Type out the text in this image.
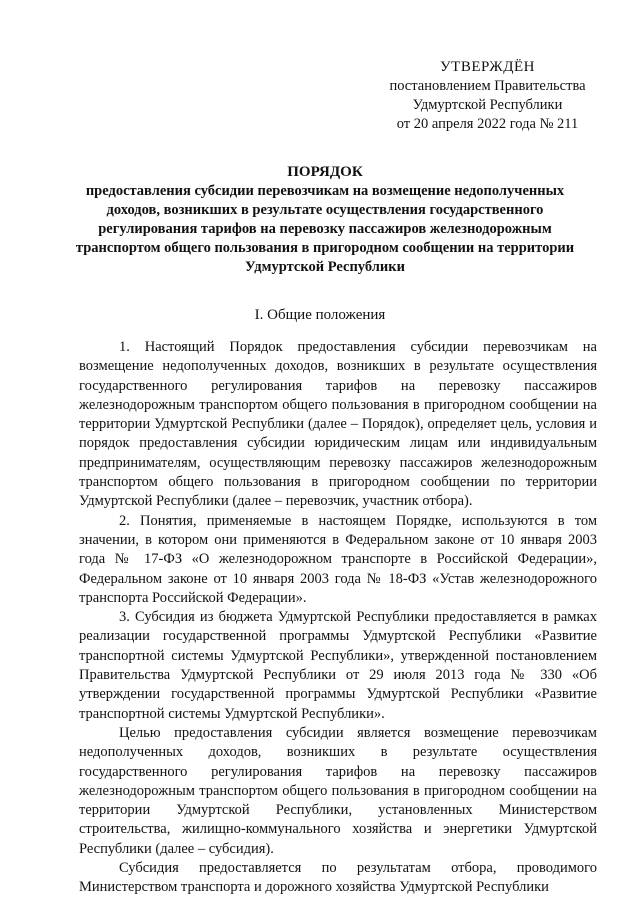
УТВЕРЖДЁН
постановлением Правительства
Удмуртской Республики
от 20 апреля 2022 года № 211
ПОРЯДОК
предоставления субсидии перевозчикам на возмещение недополученных доходов, возникших в результате осуществления государственного регулирования тарифов на перевозку пассажиров железнодорожным транспортом общего пользования в пригородном сообщении на территории Удмуртской Республики
I. Общие положения

1. Настоящий Порядок предоставления субсидии перевозчикам на возмещение недополученных доходов, возникших в результате осуществления государственного регулирования тарифов на перевозку пассажиров железнодорожным транспортом общего пользования в пригородном сообщении на территории Удмуртской Республики (далее – Порядок), определяет цель, условия и порядок предоставления субсидии юридическим лицам или индивидуальным предпринимателям, осуществляющим перевозку пассажиров железнодорожным транспортом общего пользования в пригородном сообщении по территории Удмуртской Республики (далее – перевозчик, участник отбора).

2. Понятия, применяемые в настоящем Порядке, используются в том значении, в котором они применяются в Федеральном законе от 10 января 2003 года № 17-ФЗ «О железнодорожном транспорте в Российской Федерации», Федеральном законе от 10 января 2003 года № 18-ФЗ «Устав железнодорожного транспорта Российской Федерации».

3. Субсидия из бюджета Удмуртской Республики предоставляется в рамках реализации государственной программы Удмуртской Республики «Развитие транспортной системы Удмуртской Республики», утвержденной постановлением Правительства Удмуртской Республики от 29 июля 2013 года № 330 «Об утверждении государственной программы Удмуртской Республики «Развитие транспортной системы Удмуртской Республики».

Целью предоставления субсидии является возмещение перевозчикам недополученных доходов, возникших в результате осуществления государственного регулирования тарифов на перевозку пассажиров железнодорожным транспортом общего пользования в пригородном сообщении на территории Удмуртской Республики, установленных Министерством строительства, жилищно-коммунального хозяйства и энергетики Удмуртской Республики (далее – субсидия).

Субсидия предоставляется по результатам отбора, проводимого Министерством транспорта и дорожного хозяйства Удмуртской Республики
